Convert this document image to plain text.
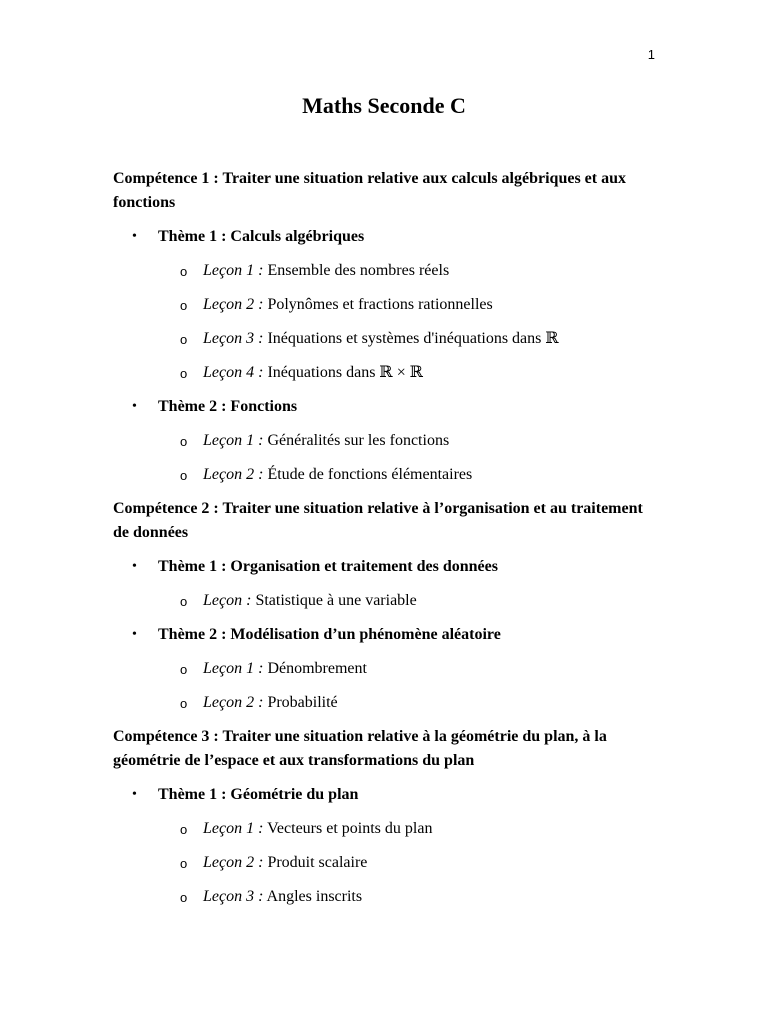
1
Maths Seconde C

Compétence 1 : Traiter une situation relative aux calculs algébriques et aux fonctions

• Thème 1 : Calculs algébriques

o Leçon 1 : Ensemble des nombres réels

o Leçon 2 : Polynômes et fractions rationnelles

o Leçon 3 : Inéquations et systèmes d'inéquations dans ℝ

o Leçon 4 : Inéquations dans ℝ × ℝ

• Thème 2 : Fonctions

o Leçon 1 : Généralités sur les fonctions

o Leçon 2 : Étude de fonctions élémentaires

Compétence 2 : Traiter une situation relative à l’organisation et au traitement de données

• Thème 1 : Organisation et traitement des données

o Leçon : Statistique à une variable

• Thème 2 : Modélisation d’un phénomène aléatoire

o Leçon 1 : Dénombrement

o Leçon 2 : Probabilité

Compétence 3 : Traiter une situation relative à la géométrie du plan, à la géométrie de l’espace et aux transformations du plan

• Thème 1 : Géométrie du plan

o Leçon 1 : Vecteurs et points du plan

o Leçon 2 : Produit scalaire

o Leçon 3 : Angles inscrits
